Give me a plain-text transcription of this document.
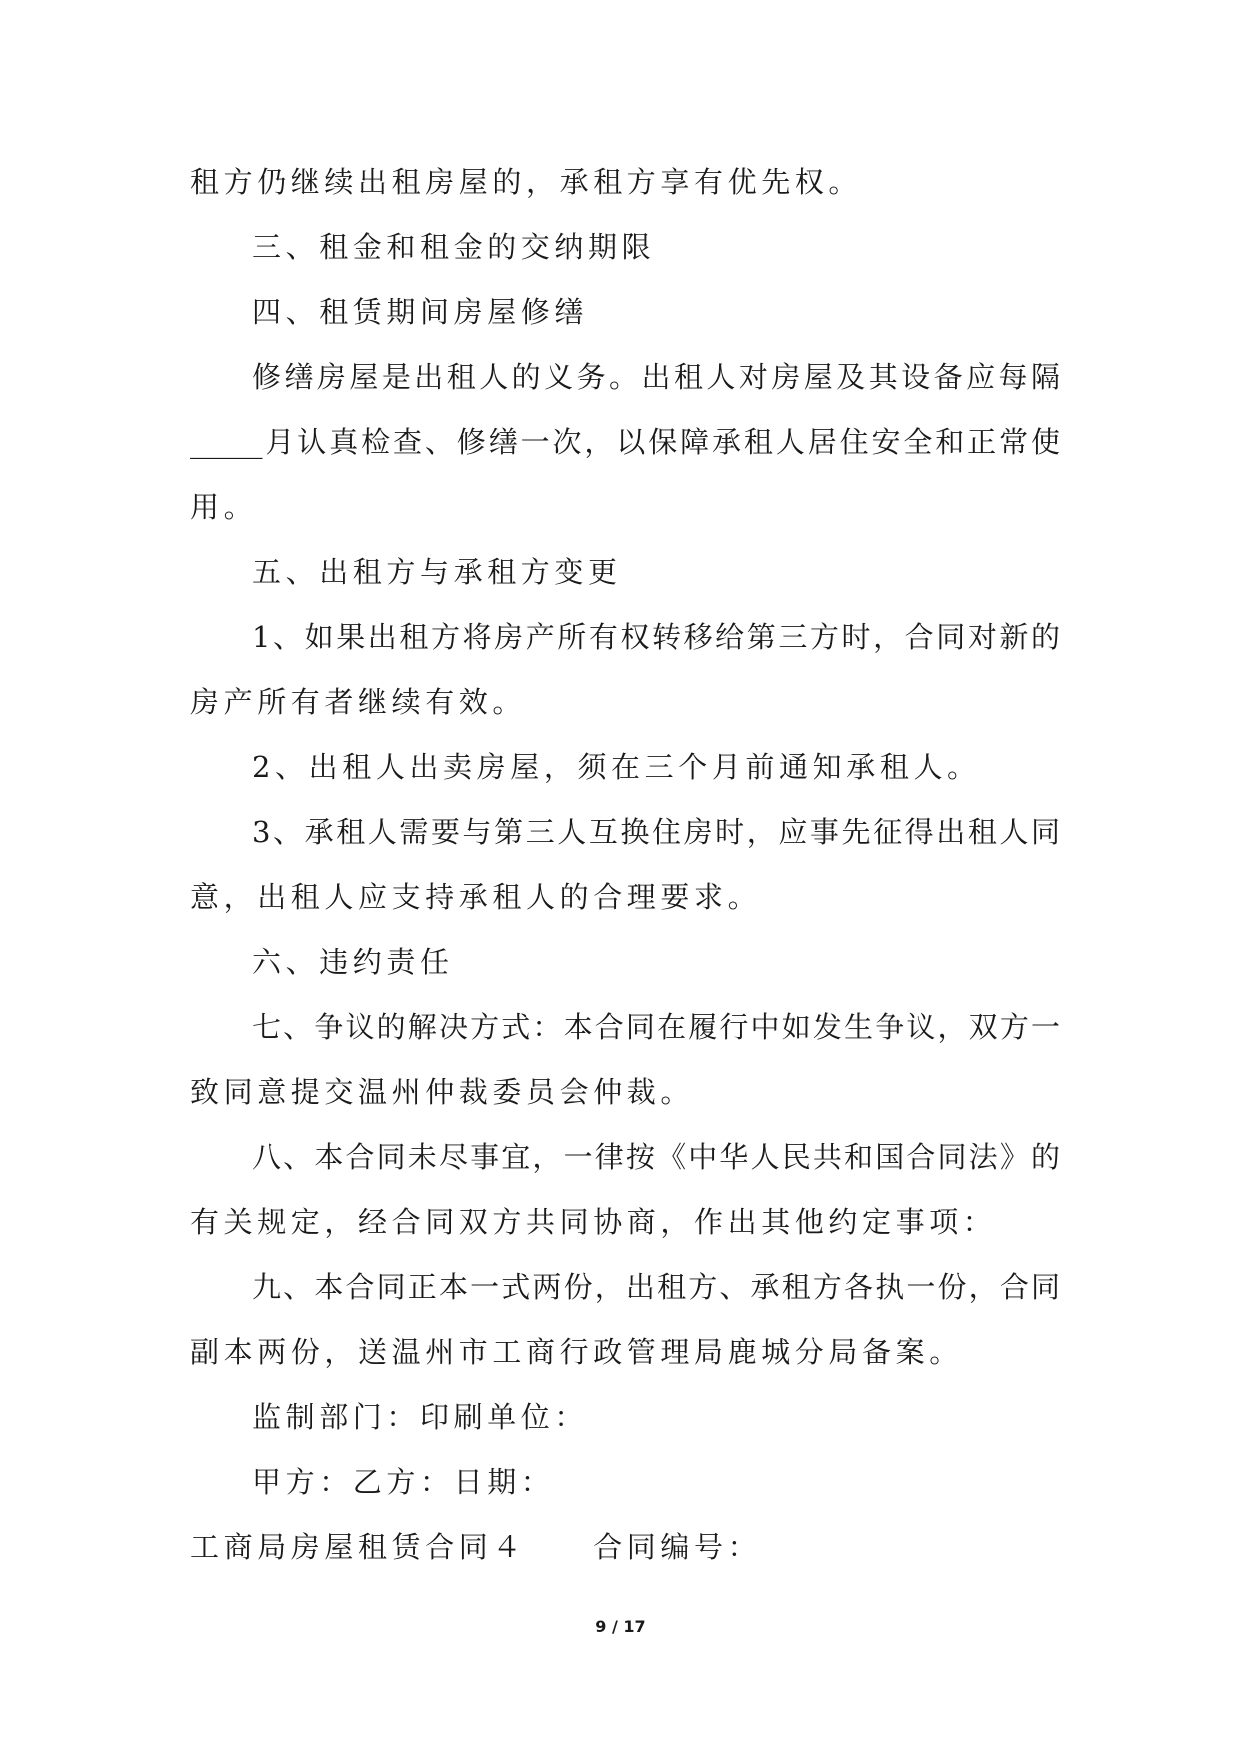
租方仍继续出租房屋的，承租方享有优先权。
三、租金和租金的交纳期限
四、租赁期间房屋修缮
修缮房屋是出租人的义务。出租人对房屋及其设备应每隔
_____月认真检查、修缮一次，以保障承租人居住安全和正常使
用。
五、出租方与承租方变更
1、如果出租方将房产所有权转移给第三方时，合同对新的
房产所有者继续有效。
2、出租人出卖房屋，须在三个月前通知承租人。
3、承租人需要与第三人互换住房时，应事先征得出租人同
意，出租人应支持承租人的合理要求。
六、违约责任
七、争议的解决方式：本合同在履行中如发生争议，双方一
致同意提交温州仲裁委员会仲裁。
八、本合同未尽事宜，一律按《中华人民共和国合同法》的
有关规定，经合同双方共同协商，作出其他约定事项：
九、本合同正本一式两份，出租方、承租方各执一份，合同
副本两份，送温州市工商行政管理局鹿城分局备案。
监制部门：印刷单位：
甲方：乙方：日期：
工商局房屋租赁合同４　　合同编号：
9 / 17
